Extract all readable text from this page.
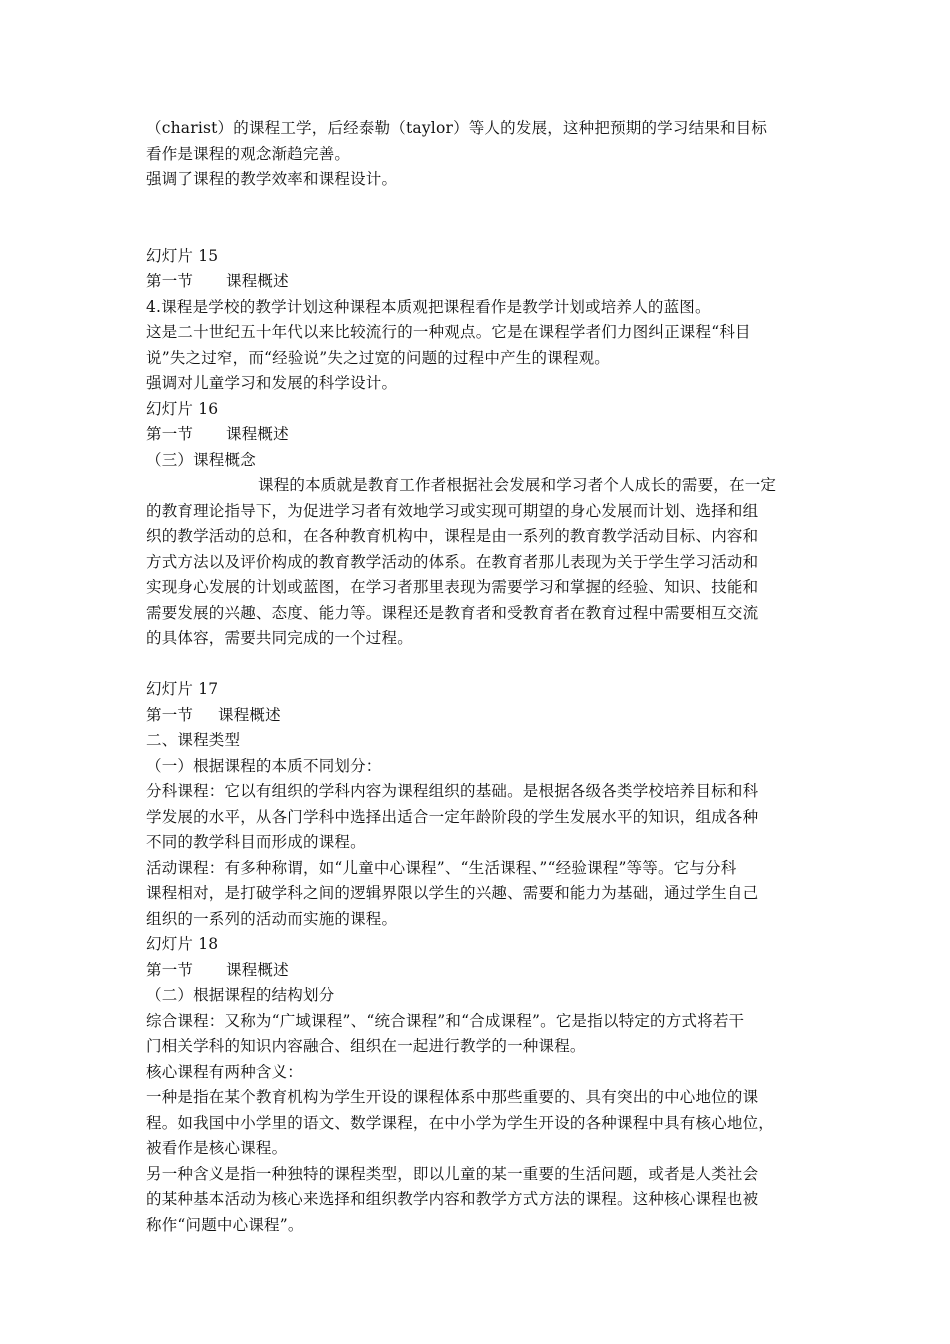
（charist）的课程工学，后经泰勒（taylor）等人的发展，这种把预期的学习结果和目标
看作是课程的观念渐趋完善。
强调了课程的教学效率和课程设计。
幻灯片 15
第一节 课程概述
4.课程是学校的教学计划这种课程本质观把课程看作是教学计划或培养人的蓝图。
这是二十世纪五十年代以来比较流行的一种观点。它是在课程学者们力图纠正课程“科目
说”失之过窄，而“经验说”失之过宽的问题的过程中产生的课程观。
强调对儿童学习和发展的科学设计。
幻灯片 16
第一节 课程概述
（三）课程概念
课程的本质就是教育工作者根据社会发展和学习者个人成长的需要，在一定
的教育理论指导下，为促进学习者有效地学习或实现可期望的身心发展而计划、选择和组
织的教学活动的总和，在各种教育机构中，课程是由一系列的教育教学活动目标、内容和
方式方法以及评价构成的教育教学活动的体系。在教育者那儿表现为关于学生学习活动和
实现身心发展的计划或蓝图，在学习者那里表现为需要学习和掌握的经验、知识、技能和
需要发展的兴趣、态度、能力等。课程还是教育者和受教育者在教育过程中需要相互交流
的具体容，需要共同完成的一个过程。
幻灯片 17
第一节 课程概述
二、课程类型
（一）根据课程的本质不同划分：
分科课程：它以有组织的学科内容为课程组织的基础。是根据各级各类学校培养目标和科
学发展的水平，从各门学科中选择出适合一定年龄阶段的学生发展水平的知识，组成各种
不同的教学科目而形成的课程。
活动课程：有多种称谓，如“儿童中心课程”、“生活课程、”“经验课程”等等。它与分科
课程相对，是打破学科之间的逻辑界限以学生的兴趣、需要和能力为基础，通过学生自己
组织的一系列的活动而实施的课程。
幻灯片 18
第一节 课程概述
（二）根据课程的结构划分
综合课程：又称为“广域课程”、“统合课程”和“合成课程”。它是指以特定的方式将若干
门相关学科的知识内容融合、组织在一起进行教学的一种课程。
核心课程有两种含义：
一种是指在某个教育机构为学生开设的课程体系中那些重要的、具有突出的中心地位的课
程。如我国中小学里的语文、数学课程，在中小学为学生开设的各种课程中具有核心地位，
被看作是核心课程。
另一种含义是指一种独特的课程类型，即以儿童的某一重要的生活问题，或者是人类社会
的某种基本活动为核心来选择和组织教学内容和教学方式方法的课程。这种核心课程也被
称作“问题中心课程”。
